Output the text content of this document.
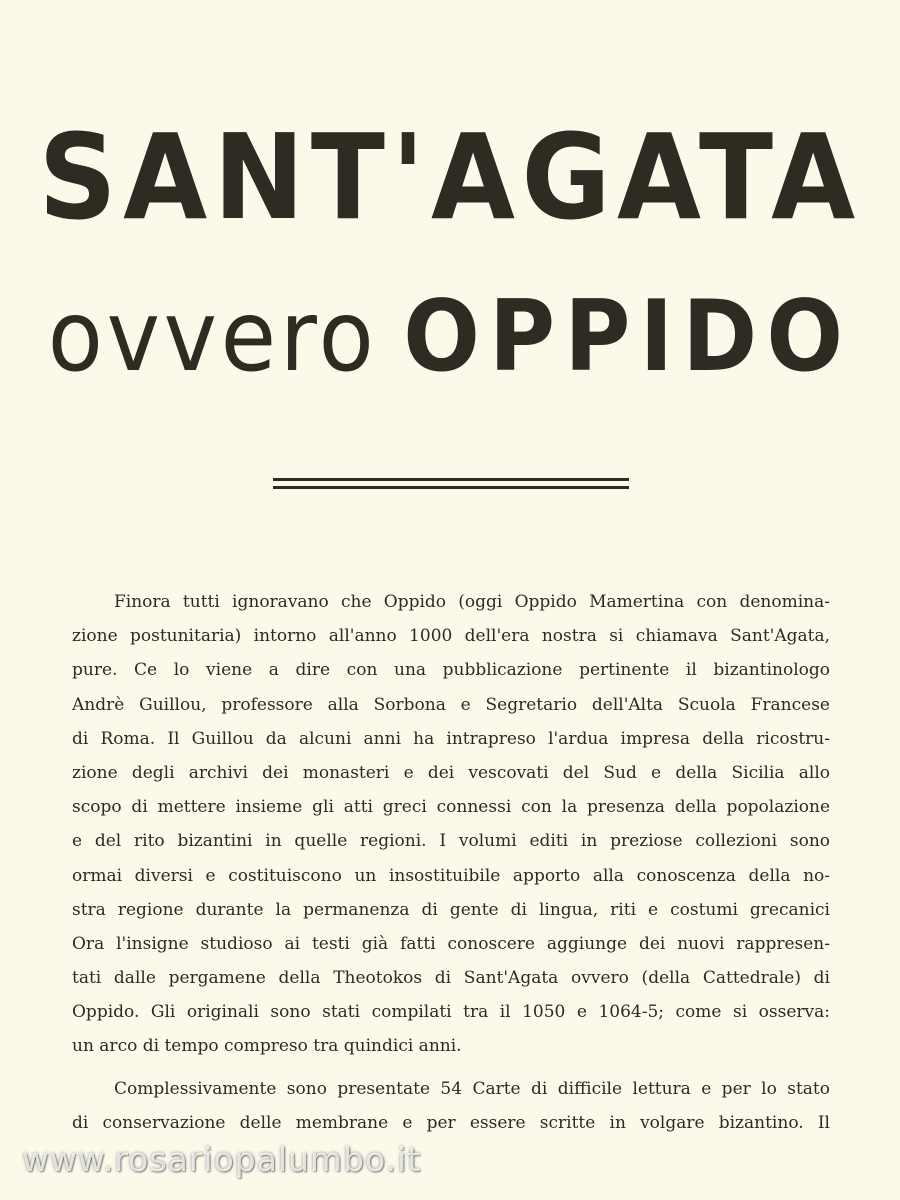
SANT'AGATA
ovvero OPPIDO
Finora tutti ignoravano che Oppido (oggi Oppido Mamertina con denomina-
zione postunitaria) intorno all'anno 1000 dell'era nostra si chiamava Sant'Agata,
pure. Ce lo viene a dire con una pubblicazione pertinente il bizantinologo
Andrè Guillou, professore alla Sorbona e Segretario dell'Alta Scuola Francese
di Roma. Il Guillou da alcuni anni ha intrapreso l'ardua impresa della ricostru-
zione degli archivi dei monasteri e dei vescovati del Sud e della Sicilia allo
scopo di mettere insieme gli atti greci connessi con la presenza della popolazione
e del rito bizantini in quelle regioni. I volumi editi in preziose collezioni sono
ormai diversi e costituiscono un insostituibile apporto alla conoscenza della no-
stra regione durante la permanenza di gente di lingua, riti e costumi grecanici
Ora l'insigne studioso ai testi già fatti conoscere aggiunge dei nuovi rappresen-
tati dalle pergamene della Theotokos di Sant'Agata ovvero (della Cattedrale) di
Oppido. Gli originali sono stati compilati tra il 1050 e 1064-5; come si osserva:
un arco di tempo compreso tra quindici anni.
Complessivamente sono presentate 54 Carte di difficile lettura e per lo stato
di conservazione delle membrane e per essere scritte in volgare bizantino. Il
www.rosariopalumbo.it
